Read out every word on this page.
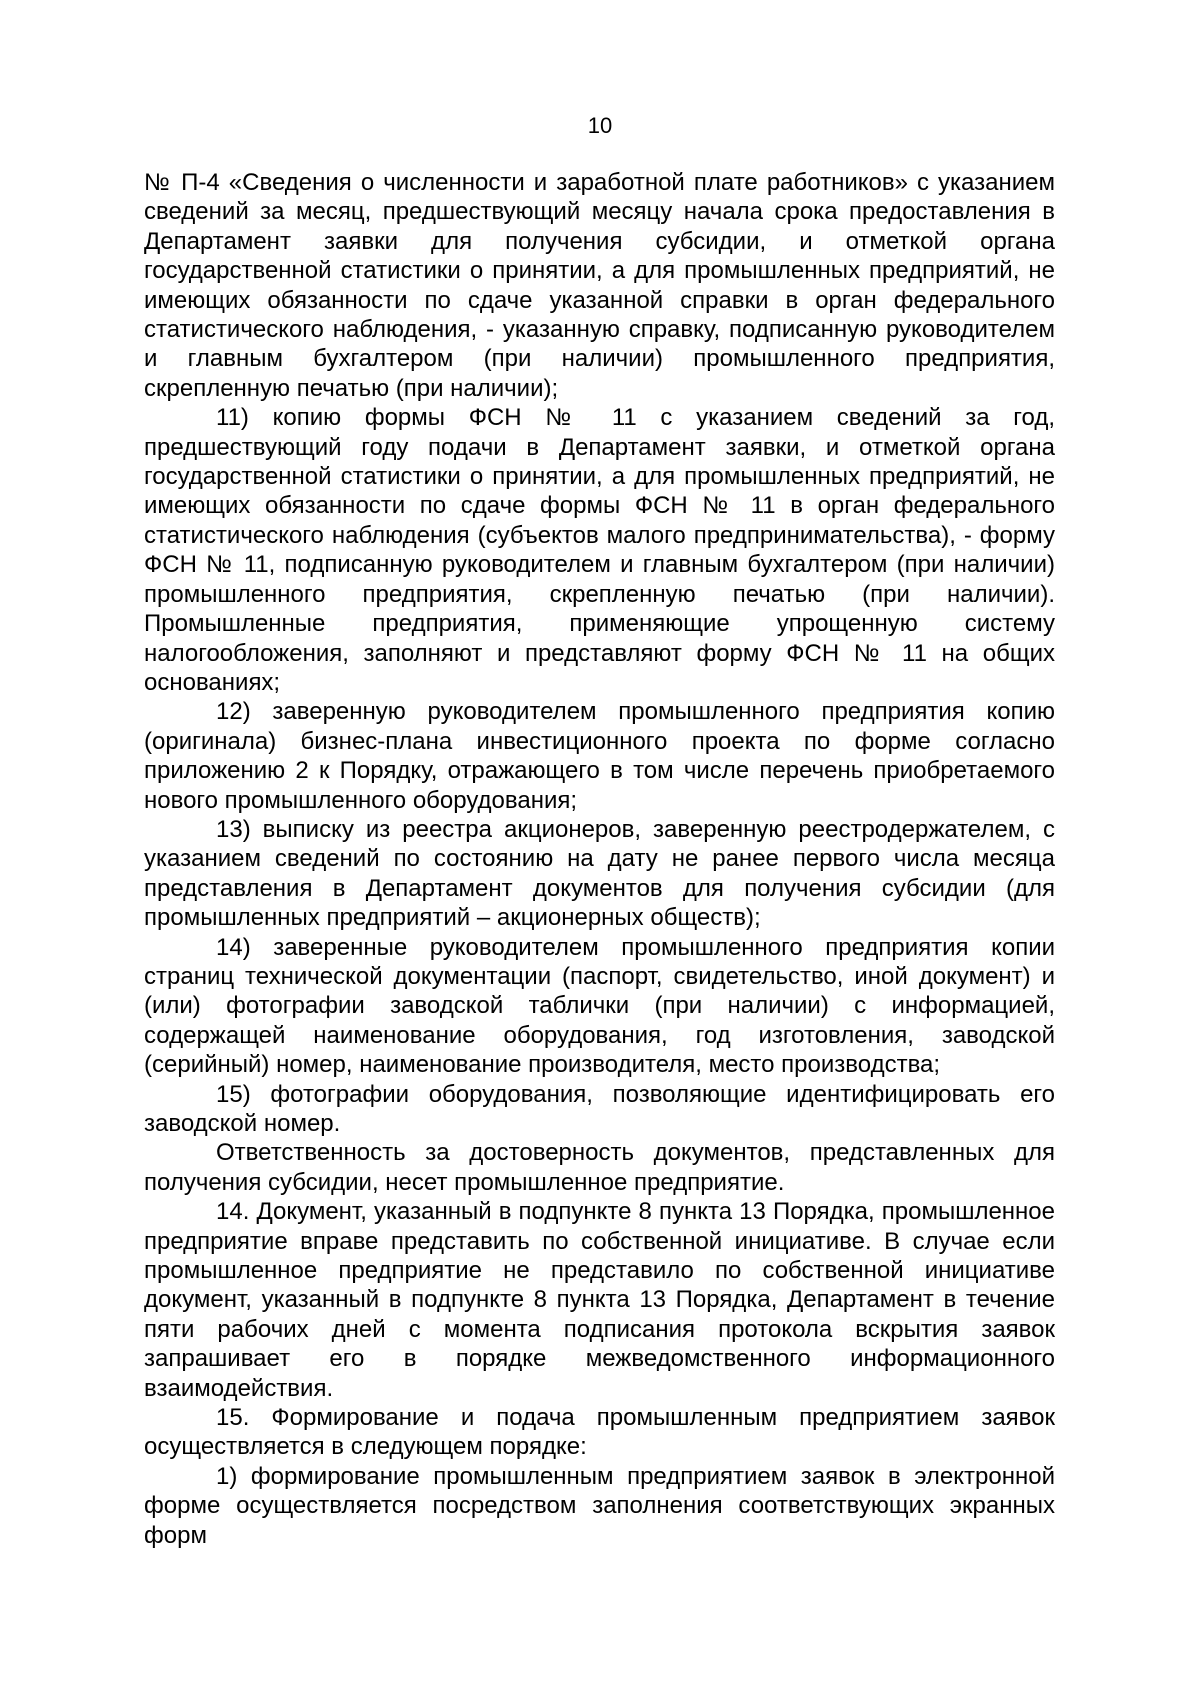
10

№ П-4 «Сведения о численности и заработной плате работников» с указанием сведений за месяц, предшествующий месяцу начала срока предоставления в Департамент заявки для получения субсидии, и отметкой органа государственной статистики о принятии, а для промышленных предприятий, не имеющих обязанности по сдаче указанной справки в орган федерального статистического наблюдения, - указанную справку, подписанную руководителем и главным бухгалтером (при наличии) промышленного предприятия, скрепленную печатью (при наличии);

11) копию формы ФСН № 11 с указанием сведений за год, предшествующий году подачи в Департамент заявки, и отметкой органа государственной статистики о принятии, а для промышленных предприятий, не имеющих обязанности по сдаче формы ФСН № 11 в орган федерального статистического наблюдения (субъектов малого предпринимательства), - форму ФСН № 11, подписанную руководителем и главным бухгалтером (при наличии) промышленного предприятия, скрепленную печатью (при наличии). Промышленные предприятия, применяющие упрощенную систему налогообложения, заполняют и представляют форму ФСН № 11 на общих основаниях;

12) заверенную руководителем промышленного предприятия копию (оригинала) бизнес-плана инвестиционного проекта по форме согласно приложению 2 к Порядку, отражающего в том числе перечень приобретаемого нового промышленного оборудования;

13) выписку из реестра акционеров, заверенную реестродержателем, с указанием сведений по состоянию на дату не ранее первого числа месяца представления в Департамент документов для получения субсидии (для промышленных предприятий – акционерных обществ);

14) заверенные руководителем промышленного предприятия копии страниц технической документации (паспорт, свидетельство, иной документ) и (или) фотографии заводской таблички (при наличии) с информацией, содержащей наименование оборудования, год изготовления, заводской (серийный) номер, наименование производителя, место производства;

15) фотографии оборудования, позволяющие идентифицировать его заводской номер.

Ответственность за достоверность документов, представленных для получения субсидии, несет промышленное предприятие.

14. Документ, указанный в подпункте 8 пункта 13 Порядка, промышленное предприятие вправе представить по собственной инициативе. В случае если промышленное предприятие не представило по собственной инициативе документ, указанный в подпункте 8 пункта 13 Порядка, Департамент в течение пяти рабочих дней с момента подписания протокола вскрытия заявок запрашивает его в порядке межведомственного информационного взаимодействия.

15. Формирование и подача промышленным предприятием заявок осуществляется в следующем порядке:

1) формирование промышленным предприятием заявок в электронной форме осуществляется посредством заполнения соответствующих экранных форм
